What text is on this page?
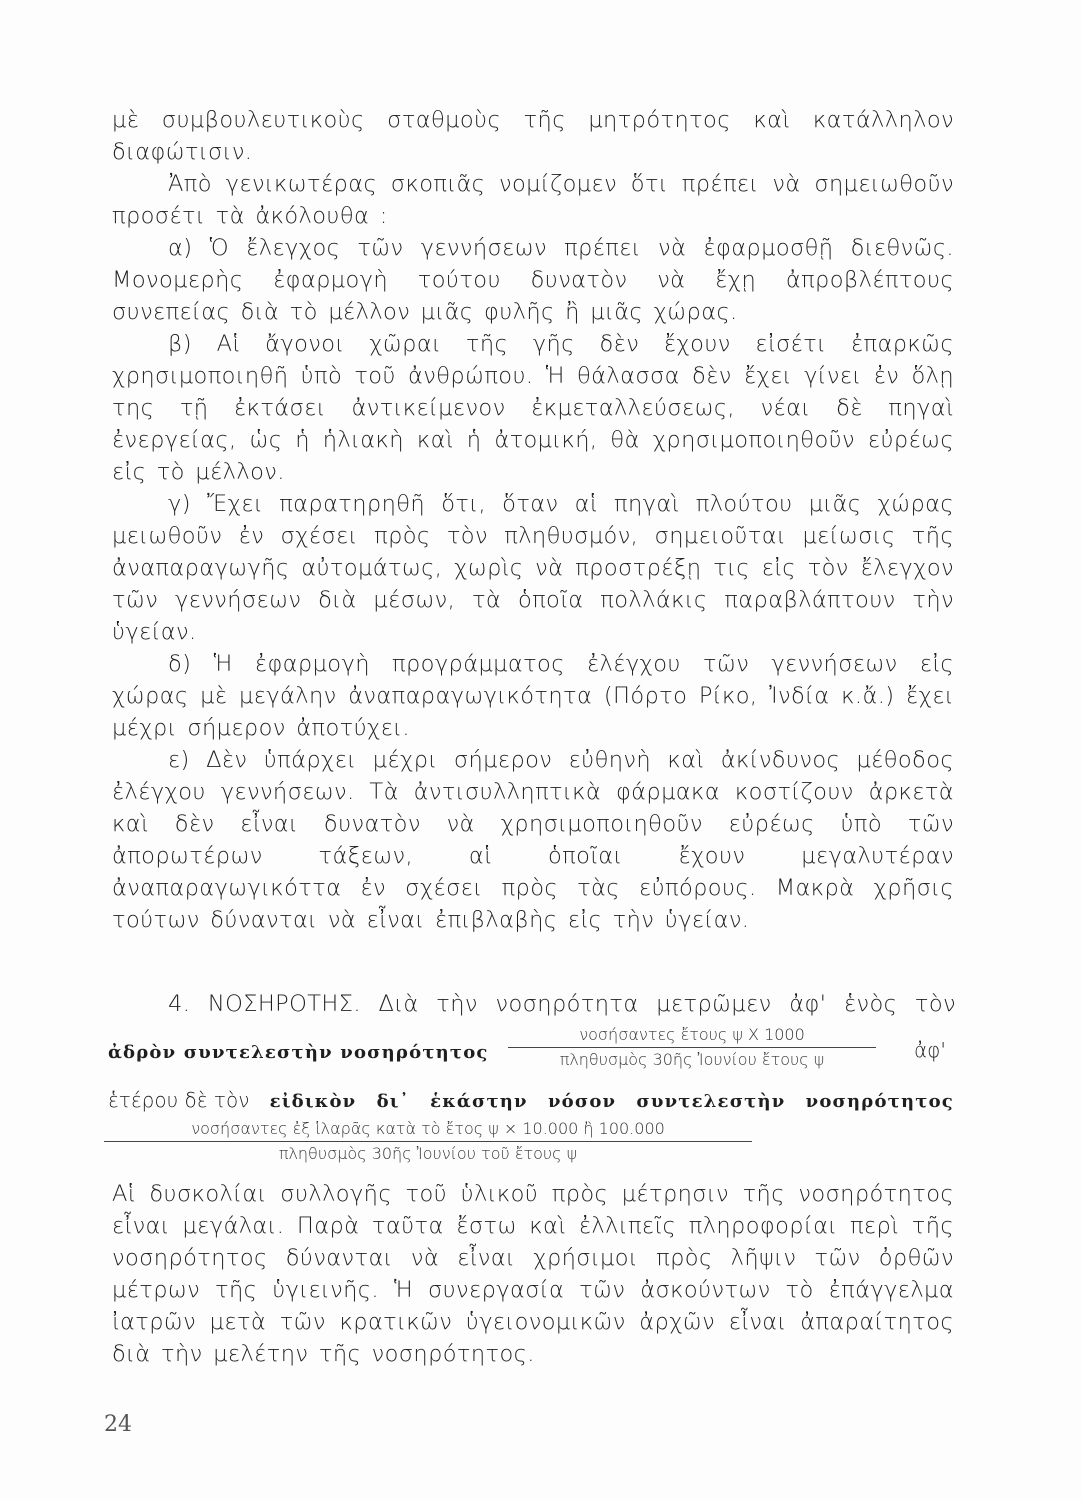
μὲ συμβουλευτικοὺς σταθμοὺς τῆς μητρότητος καὶ κατάλληλον διαφώτισιν.

Ἀπὸ γενικωτέρας σκοπιᾶς νομίζομεν ὅτι πρέπει νὰ σημειωθοῦν προσέτι τὰ ἀκόλουθα :

α) Ὁ ἔλεγχος τῶν γεννήσεων πρέπει νὰ ἐφαρμοσθῇ διεθνῶς. Μονομερὴς ἐφαρμογὴ τούτου δυνατὸν νὰ ἔχῃ ἀπροβλέπτους συνεπείας διὰ τὸ μέλλον μιᾶς φυλῆς ἢ μιᾶς χώρας.

β) Αἱ ἄγονοι χῶραι τῆς γῆς δὲν ἔχουν εἰσέτι ἐπαρκῶς χρησιμοποιηθῆ ὑπὸ τοῦ ἀνθρώπου. Ἡ θάλασσα δὲν ἔχει γίνει ἐν ὅλῃ της τῇ ἐκτάσει ἀντικείμενον ἐκμεταλλεύσεως, νέαι δὲ πηγαὶ ἐνεργείας, ὡς ἡ ἡλιακὴ καὶ ἡ ἀτομική, θὰ χρησιμοποιηθοῦν εὐρέως εἰς τὸ μέλλον.

γ) Ἔχει παρατηρηθῆ ὅτι, ὅταν αἱ πηγαὶ πλούτου μιᾶς χώρας μειωθοῦν ἐν σχέσει πρὸς τὸν πληθυσμόν, σημειοῦται μείωσις τῆς ἀναπαραγωγῆς αὐτομάτως, χωρὶς νὰ προστρέξῃ τις εἰς τὸν ἔλεγχον τῶν γεννήσεων διὰ μέσων, τὰ ὁποῖα πολλάκις παραβλάπτουν τὴν ὑγείαν.

δ) Ἡ ἐφαρμογὴ προγράμματος ἐλέγχου τῶν γεννήσεων εἰς χώρας μὲ μεγάλην ἀναπαραγωγικότητα (Πόρτο Ρίκο, Ἰνδία κ.ἄ.) ἔχει μέχρι σήμερον ἀποτύχει.

ε) Δὲν ὑπάρχει μέχρι σήμερον εὐθηνὴ καὶ ἀκίνδυνος μέθοδος ἐλέγχου γεννήσεων. Τὰ ἀντισυλληπτικὰ φάρμακα κοστίζουν ἀρκετὰ καὶ δὲν εἶναι δυνατὸν νὰ χρησιμοποιηθοῦν εὐρέως ὑπὸ τῶν ἀπορωτέρων τάξεων, αἱ ὁποῖαι ἔχουν μεγαλυτέραν ἀναπαραγωγικόττα ἐν σχέσει πρὸς τὰς εὐπόρους. Μακρὰ χρῆσις τούτων δύνανται νὰ εἶναι ἐπιβλαβὴς εἰς τὴν ὑγείαν.

4. ΝΟΣΗΡΟΤΗΣ. Διὰ τὴν νοσηρότητα μετρῶμεν ἀφ' ἑνὸς τὸν
ἀδρὸν συντελεστὴν νοσηρότητος
νοσήσαντες ἔτους ψ Χ 1000
πληθυσμὸς 30ῆς Ἰουνίου ἔτους ψ	ἀφ'
ἑτέρου δὲ τὸν εἰδικὸν δι᾽ ἑκάστην νόσον συντελεστὴν νοσηρότητος
νοσήσαντες ἐξ ἱλαρᾶς κατὰ τὸ ἔτος ψ × 10.000 ἢ 100.000
πληθυσμὸς 30ῆς Ἰουνίου τοῦ ἔτους ψ

Αἱ δυσκολίαι συλλογῆς τοῦ ὑλικοῦ πρὸς μέτρησιν τῆς νοσηρότητος εἶναι μεγάλαι. Παρὰ ταῦτα ἔστω καὶ ἐλλιπεῖς πληροφορίαι περὶ τῆς νοσηρότητος δύνανται νὰ εἶναι χρήσιμοι πρὸς λῆψιν τῶν ὀρθῶν μέτρων τῆς ὑγιεινῆς. Ἡ συνεργασία τῶν ἀσκούντων τὸ ἐπάγγελμα ἰατρῶν μετὰ τῶν κρατικῶν ὑγειονομικῶν ἀρχῶν εἶναι ἀπαραίτητος διὰ τὴν μελέτην τῆς νοσηρότητος.

24
